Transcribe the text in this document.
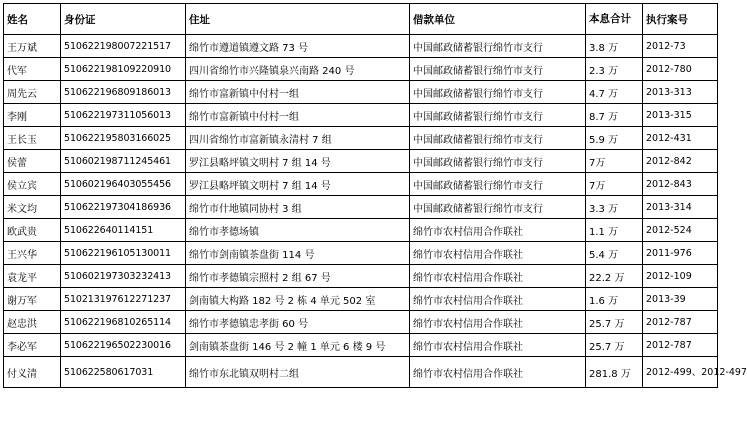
姓名	身份证	住址	借款单位	本息合计	执行案号
王万斌	510622198007221517	绵竹市遵道镇遵文路 73 号	中国邮政储蓄银行绵竹市支行	3.8 万	2012-73
代军	510622198109220910	四川省绵竹市兴隆镇泉兴南路 240 号	中国邮政储蓄银行绵竹市支行	2.3 万	2012-780
周先云	510622196809186013	绵竹市富新镇中付村一组	中国邮政储蓄银行绵竹市支行	4.7 万	2013-313
李刚	510622197311056013	绵竹市富新镇中付村一组	中国邮政储蓄银行绵竹市支行	8.7 万	2013-315
王长玉	510622195803166025	四川省绵竹市富新镇永清村 7 组	中国邮政储蓄银行绵竹市支行	5.9 万	2012-431
侯蕾	510602198711245461	罗江县略坪镇文明村 7 组 14 号	中国邮政储蓄银行绵竹市支行	7万	2012-842
侯立宾	510602196403055456	罗江县略坪镇文明村 7 组 14 号	中国邮政储蓄银行绵竹市支行	7万	2012-843
米文均	510622197304186936	绵竹市什地镇同协村 3 组	中国邮政储蓄银行绵竹市支行	3.3 万	2013-314
欧武贵	510622640114151	绵竹市孝德场镇	绵竹市农村信用合作联社	1.1 万	2012-524
王兴华	510622196105130011	绵竹市剑南镇茶盘街 114 号	绵竹市农村信用合作联社	5.4 万	2011-976
袁龙平	510602197303232413	绵竹市孝德镇宗照村 2 组 67 号	绵竹市农村信用合作联社	22.2 万	2012-109
谢万军	510213197612271237	剑南镇大构路 182 号 2 栋 4 单元 502 室	绵竹市农村信用合作联社	1.6 万	2013-39
赵忠洪	510622196810265114	绵竹市孝德镇忠孝街 60 号	绵竹市农村信用合作联社	25.7 万	2012-787
李必军	510622196502230016	剑南镇茶盘街 146 号 2 幢 1 单元 6 楼 9 号	绵竹市农村信用合作联社	25.7 万	2012-787
付义清	510622580617031	绵竹市东北镇双明村二组	绵竹市农村信用合作联社	281.8 万	2012-499、2012-497
